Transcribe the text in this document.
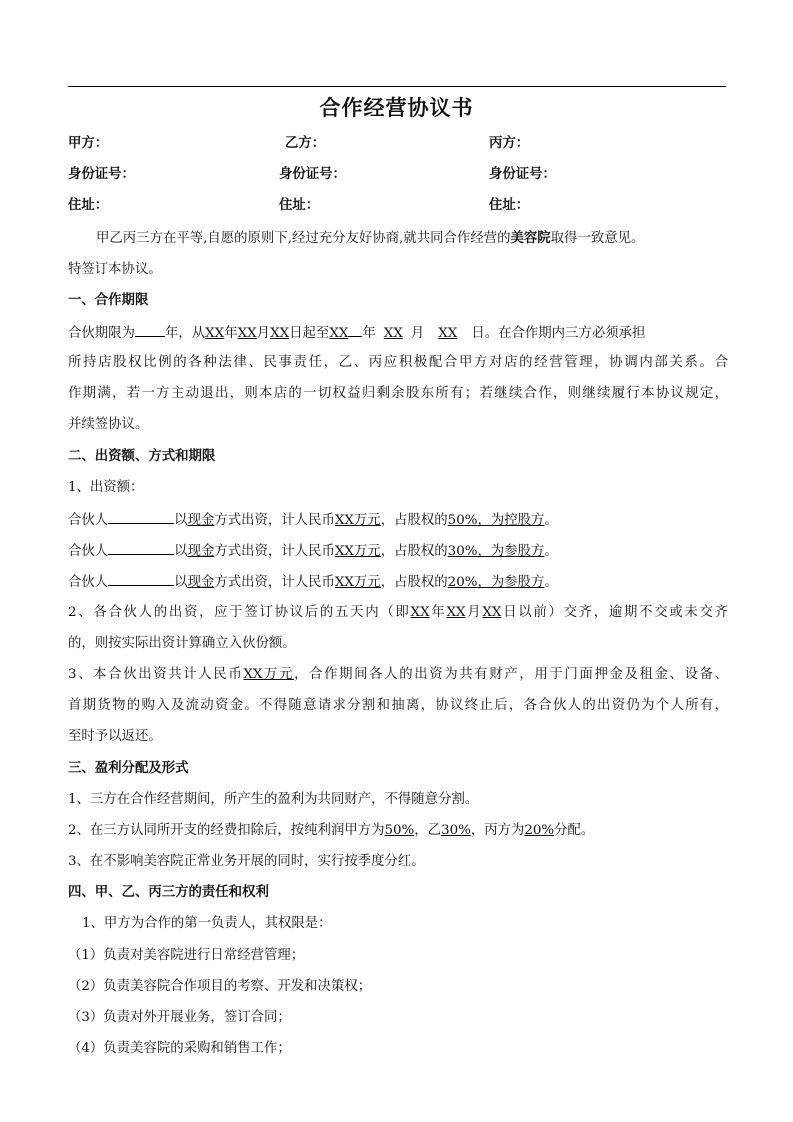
合作经营协议书
甲方：	乙方：	丙方：
身份证号：	身份证号：	身份证号：
住址：	住址：	住址：
甲乙丙三方在平等,自愿的原则下,经过充分友好协商,就共同合作经营的美容院取得一致意见。
特签订本协议。
一、合作期限
合伙期限为 年，从XX年XX月XX日起至XX 年 XX 月 XX 日。在合作期内三方必须承担
所持店股权比例的各种法律、民事责任，乙、丙应积极配合甲方对店的经营管理，协调内部关系。合
作期满，若一方主动退出，则本店的一切权益归剩余股东所有；若继续合作，则继续履行本协议规定，
并续签协议。
二、出资额、方式和期限
1、出资额：
合伙人	以现金方式出资，计人民币XX万元，占股权的50%，为控股方。
合伙人	以现金方式出资，计人民币XX万元，占股权的30%，为参股方。
合伙人	以现金方式出资，计人民币XX万元，占股权的20%，为参股方。
2、各合伙人的出资，应于签订协议后的五天内（即XX年XX月XX日以前）交齐，逾期不交或未交齐
的，则按实际出资计算确立入伙份额。
3、本合伙出资共计人民币XX万元，合作期间各人的出资为共有财产，用于门面押金及租金、设备、
首期货物的购入及流动资金。不得随意请求分割和抽离，协议终止后，各合伙人的出资仍为个人所有，
至时予以返还。
三、盈利分配及形式
1、三方在合作经营期间，所产生的盈利为共同财产，不得随意分割。
2、在三方认同所开支的经费扣除后，按纯利润甲方为50%，乙30%，丙方为20%分配。
3、在不影响美容院正常业务开展的同时，实行按季度分红。
四、甲、乙、丙三方的责任和权利
1、甲方为合作的第一负责人，其权限是：
（1）负责对美容院进行日常经营管理；
（2）负责美容院合作项目的考察、开发和决策权；
（3）负责对外开展业务，签订合同；
（4）负责美容院的采购和销售工作；
